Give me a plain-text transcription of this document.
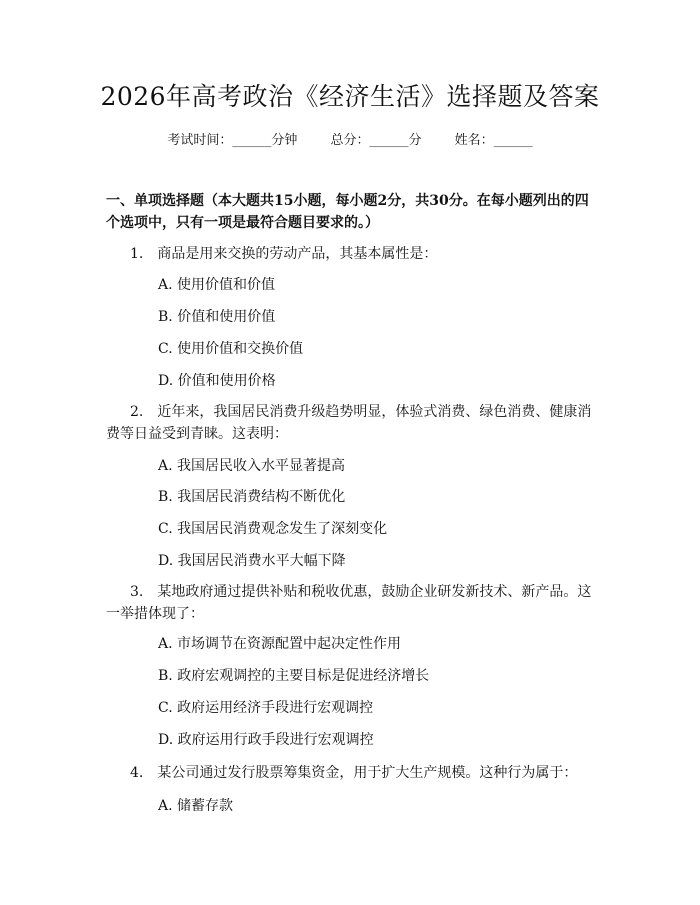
2026年高考政治《经济生活》选择题及答案
考试时间：______分钟	总分：______分	姓名：______
一、单项选择题（本大题共15小题，每小题2分，共30分。在每小题列出的四个选项中，只有一项是最符合题目要求的。）
1.　商品是用来交换的劳动产品，其基本属性是：
A. 使用价值和价值
B. 价值和使用价值
C. 使用价值和交换价值
D. 价值和使用价格
2.　近年来，我国居民消费升级趋势明显，体验式消费、绿色消费、健康消费等日益受到青睐。这表明：
A. 我国居民收入水平显著提高
B. 我国居民消费结构不断优化
C. 我国居民消费观念发生了深刻变化
D. 我国居民消费水平大幅下降
3.　某地政府通过提供补贴和税收优惠，鼓励企业研发新技术、新产品。这一举措体现了：
A. 市场调节在资源配置中起决定性作用
B. 政府宏观调控的主要目标是促进经济增长
C. 政府运用经济手段进行宏观调控
D. 政府运用行政手段进行宏观调控
4.　某公司通过发行股票筹集资金，用于扩大生产规模。这种行为属于：
A. 储蓄存款
